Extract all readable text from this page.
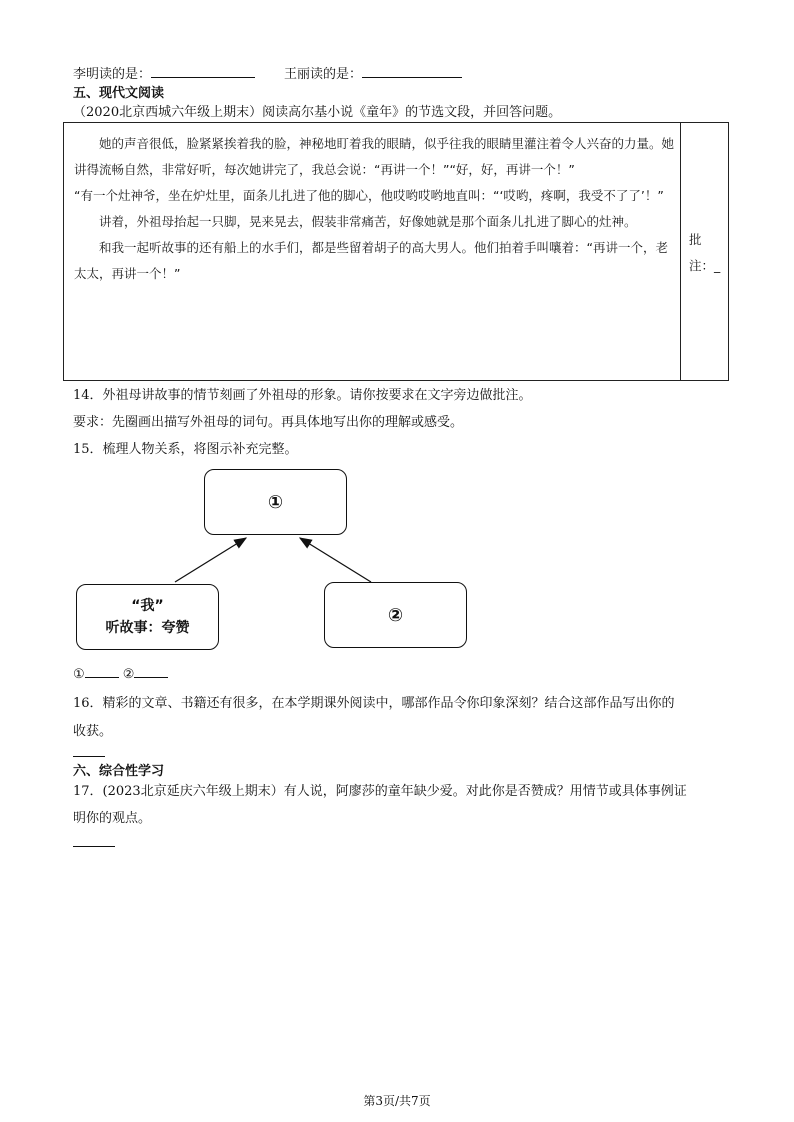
李明读的是：	王丽读的是：
五、现代文阅读
（2020北京西城六年级上期末）阅读高尔基小说《童年》的节选文段，并回答问题。

她的声音很低，脸紧紧挨着我的脸，神秘地盯着我的眼睛，似乎往我的眼睛里灌注着令人兴奋的力量。她讲得流畅自然，非常好听，每次她讲完了，我总会说：“再讲一个！”“好，好，再讲一个！”

“有一个灶神爷，坐在炉灶里，面条儿扎进了他的脚心，他哎哟哎哟地直叫：“‘哎哟，疼啊，我受不了了’！”

讲着，外祖母抬起一只脚，晃来晃去，假装非常痛苦，好像她就是那个面条儿扎进了脚心的灶神。

和我一起听故事的还有船上的水手们，都是些留着胡子的高大男人。他们拍着手叫嚷着：“再讲一个，老太太，再讲一个！”

批
注：_
14．外祖母讲故事的情节刻画了外祖母的形象。请你按要求在文字旁边做批注。
要求：先圈画出描写外祖母的词句。再具体地写出你的理解或感受。
15．梳理人物关系，将图示补充完整。
①
“我”
听故事：夸赞
②
①	②
16．精彩的文章、书籍还有很多，在本学期课外阅读中，哪部作品令你印象深刻？结合这部作品写出你的
收获。
六、综合性学习
17．(2023北京延庆六年级上期末）有人说，阿廖莎的童年缺少爱。对此你是否赞成？用情节或具体事例证
明你的观点。
第3页/共7页
